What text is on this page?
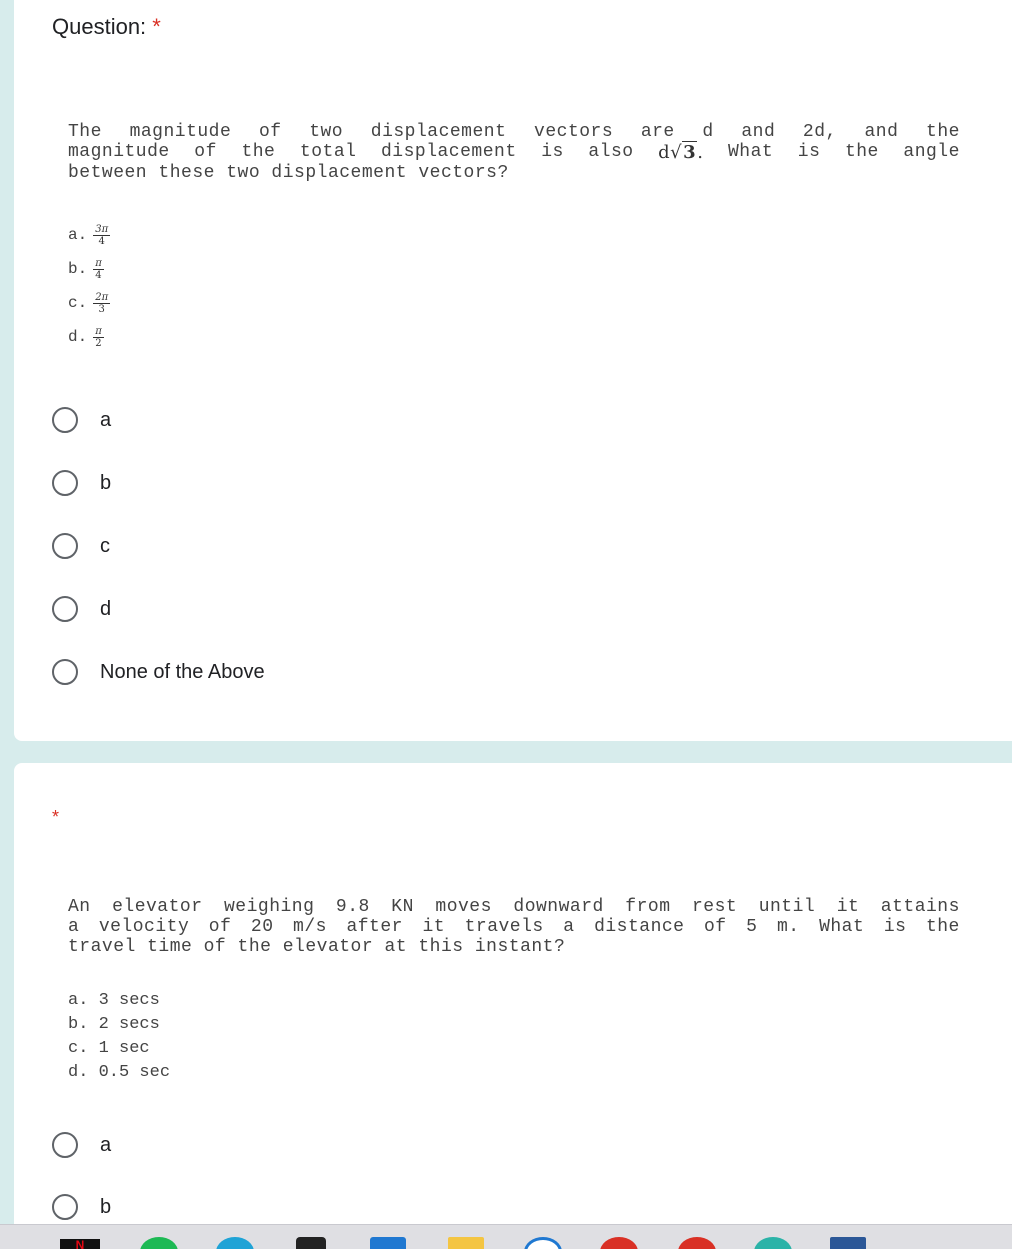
Question: *
The magnitude of two displacement vectors are d and 2d, and the
magnitude of the total displacement is also d√3. What is the angle
between these two displacement vectors?
a. $\frac{3\pi}{4}$
b. $\frac{\pi}{4}$
c. $\frac{2\pi}{3}$
d. $\frac{\pi}{2}$
a
b
c
d
None of the Above
*
An elevator weighing 9.8 KN moves downward from rest until it attains
a velocity of 20 m/s after it travels a distance of 5 m. What is the
travel time of the elevator at this instant?
a. 3 secs
b. 2 secs
c. 1 sec
d. 0.5 sec
a
b
N
